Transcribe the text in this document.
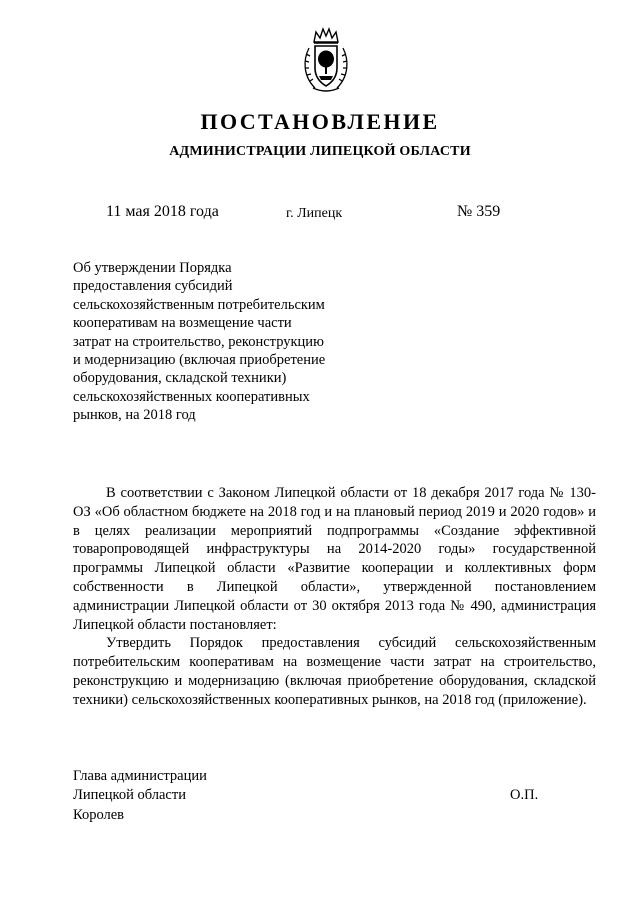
ПОСТАНОВЛЕНИЕ
АДМИНИСТРАЦИИ ЛИПЕЦКОЙ ОБЛАСТИ
11 мая 2018 года	г. Липецк	№ 359
Об утверждении Порядка
предоставления субсидий
сельскохозяйственным потребительским
кооперативам на возмещение части
затрат на строительство, реконструкцию
и модернизацию (включая приобретение
оборудования, складской техники)
сельскохозяйственных кооперативных
рынков, на 2018 год

В соответствии с Законом Липецкой области от 18 декабря 2017 года № 130-ОЗ «Об областном бюджете на 2018 год и на плановый период 2019 и 2020 годов» и в целях реализации мероприятий подпрограммы «Создание эффективной товаропроводящей инфраструктуры на 2014-2020 годы» государственной программы Липецкой области «Развитие кооперации и коллективных форм собственности в Липецкой области», утвержденной постановлением администрации Липецкой области от 30 октября 2013 года № 490, администрация Липецкой области постановляет:

Утвердить Порядок предоставления субсидий сельскохозяйственным потребительским кооперативам на возмещение части затрат на строительство, реконструкцию и модернизацию (включая приобретение оборудования, складской техники) сельскохозяйственных кооперативных рынков, на 2018 год (приложение).

Глава администрации
Липецкой области
Королев
О.П.
